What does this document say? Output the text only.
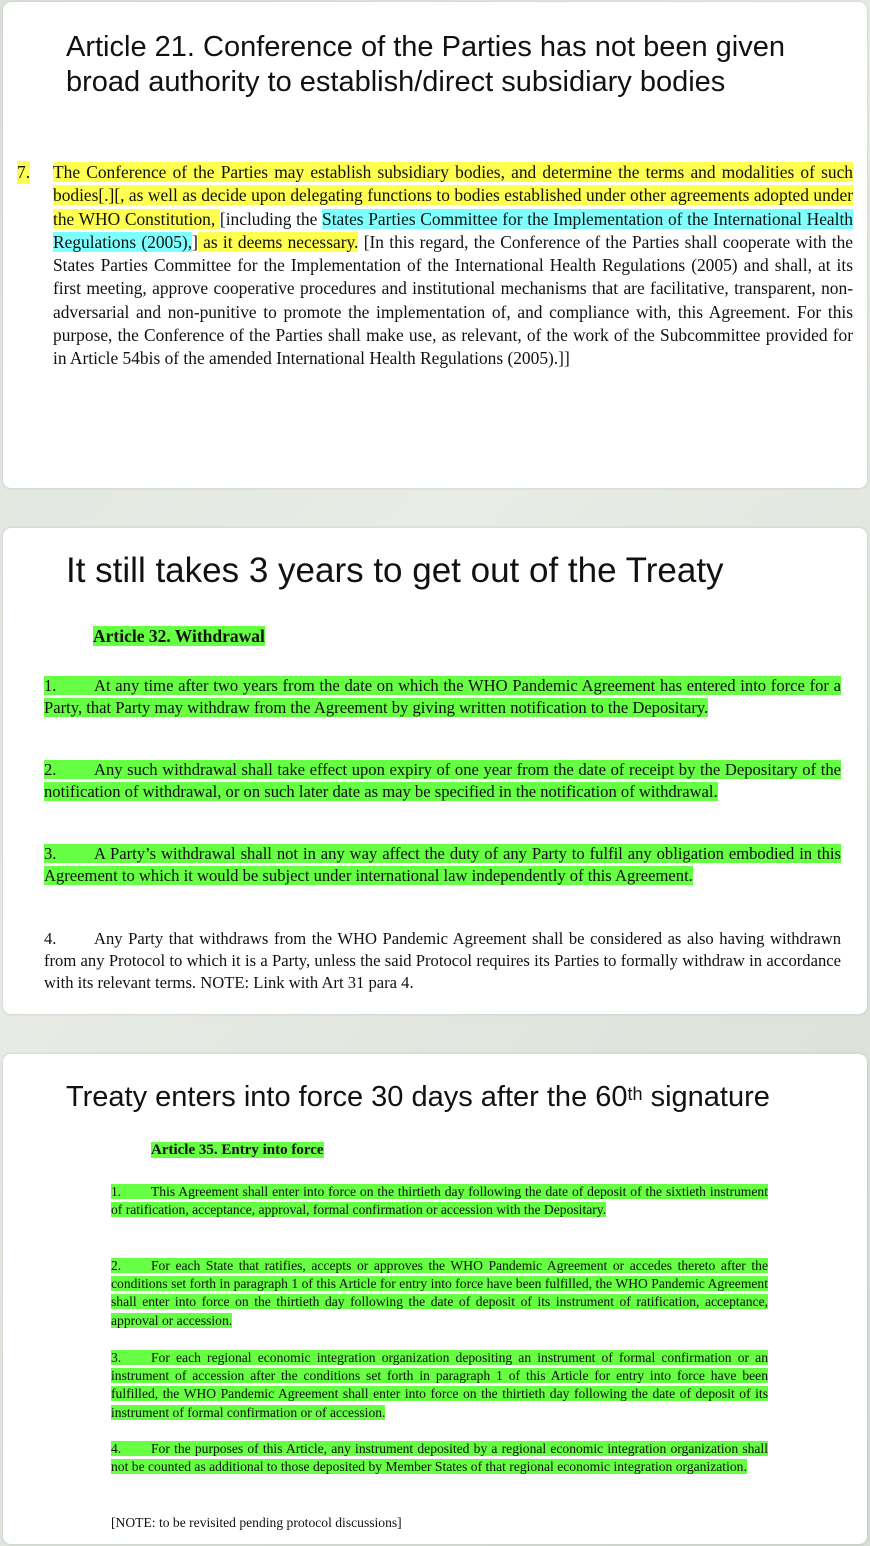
Article 21. Conference of the Parties has not been given broad authority to establish/direct subsidiary bodies

7. The Conference of the Parties may establish subsidiary bodies, and determine the terms and modalities of such bodies[.][, as well as decide upon delegating functions to bodies established under other agreements adopted under the WHO Constitution, [including the States Parties Committee for the Implementation of the International Health Regulations (2005),] as it deems necessary. [In this regard, the Conference of the Parties shall cooperate with the States Parties Committee for the Implementation of the International Health Regulations (2005) and shall, at its first meeting, approve cooperative procedures and institutional mechanisms that are facilitative, transparent, non-adversarial and non-punitive to promote the implementation of, and compliance with, this Agreement. For this purpose, the Conference of the Parties shall make use, as relevant, of the work of the Subcommittee provided for in Article 54bis of the amended International Health Regulations (2005).]]

It still takes 3 years to get out of the Treaty

Article 32. Withdrawal

1. At any time after two years from the date on which the WHO Pandemic Agreement has entered into force for a Party, that Party may withdraw from the Agreement by giving written notification to the Depositary.

2. Any such withdrawal shall take effect upon expiry of one year from the date of receipt by the Depositary of the notification of withdrawal, or on such later date as may be specified in the notification of withdrawal.

3. A Party’s withdrawal shall not in any way affect the duty of any Party to fulfil any obligation embodied in this Agreement to which it would be subject under international law independently of this Agreement.

4. Any Party that withdraws from the WHO Pandemic Agreement shall be considered as also having withdrawn from any Protocol to which it is a Party, unless the said Protocol requires its Parties to formally withdraw in accordance with its relevant terms. NOTE: Link with Art 31 para 4.

Treaty enters into force 30 days after the 60th signature

Article 35. Entry into force

1. This Agreement shall enter into force on the thirtieth day following the date of deposit of the sixtieth instrument of ratification, acceptance, approval, formal confirmation or accession with the Depositary.

2. For each State that ratifies, accepts or approves the WHO Pandemic Agreement or accedes thereto after the conditions set forth in paragraph 1 of this Article for entry into force have been fulfilled, the WHO Pandemic Agreement shall enter into force on the thirtieth day following the date of deposit of its instrument of ratification, acceptance, approval or accession.

3. For each regional economic integration organization depositing an instrument of formal confirmation or an instrument of accession after the conditions set forth in paragraph 1 of this Article for entry into force have been fulfilled, the WHO Pandemic Agreement shall enter into force on the thirtieth day following the date of deposit of its instrument of formal confirmation or of accession.

4. For the purposes of this Article, any instrument deposited by a regional economic integration organization shall not be counted as additional to those deposited by Member States of that regional economic integration organization.

[NOTE: to be revisited pending protocol discussions]
